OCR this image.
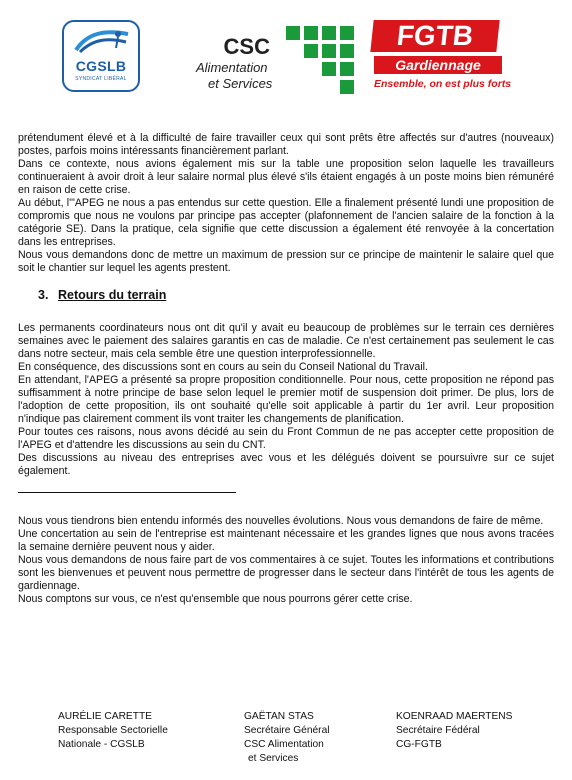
CGSLB
SYNDICAT LIBÉRAL
CSC
Alimentation
et Services
FGTB
Gardiennage
Ensemble, on est plus forts

prétendument élevé et à la difficulté de faire travailler ceux qui sont prêts être affectés sur d'autres (nouveaux) postes, parfois moins intéressants financièrement parlant.

Dans ce contexte, nous avions également mis sur la table une proposition selon laquelle les travailleurs continueraient à avoir droit à leur salaire normal plus élevé s'ils étaient engagés à un poste moins bien rémunéré en raison de cette crise.

Au début, l'"APEG ne nous a pas entendus sur cette question. Elle a finalement présenté lundi une proposition de compromis que nous ne voulons par principe pas accepter (plafonnement de l'ancien salaire de la fonction à la catégorie SE). Dans la pratique, cela signifie que cette discussion a également été renvoyée à la concertation dans les entreprises.

Nous vous demandons donc de mettre un maximum de pression sur ce principe de maintenir le salaire quel que soit le chantier sur lequel les agents prestent.

3. Retours du terrain

Les permanents coordinateurs nous ont dit qu'il y avait eu beaucoup de problèmes sur le terrain ces dernières semaines avec le paiement des salaires garantis en cas de maladie. Ce n'est certainement pas seulement le cas dans notre secteur, mais cela semble être une question interprofessionnelle.

En conséquence, des discussions sont en cours au sein du Conseil National du Travail.

En attendant, l'APEG a présenté sa propre proposition conditionnelle. Pour nous, cette proposition ne répond pas suffisamment à notre principe de base selon lequel le premier motif de suspension doit primer. De plus, lors de l'adoption de cette proposition, ils ont souhaité qu'elle soit applicable à partir du 1er avril. Leur proposition n'indique pas clairement comment ils vont traiter les changements de planification.

Pour toutes ces raisons, nous avons décidé au sein du Front Commun de ne pas accepter cette proposition de l'APEG et d'attendre les discussions au sein du CNT.

Des discussions au niveau des entreprises avec vous et les délégués doivent se poursuivre sur ce sujet également.

Nous vous tiendrons bien entendu informés des nouvelles évolutions. Nous vous demandons de faire de même.

Une concertation au sein de l'entreprise est maintenant nécessaire et les grandes lignes que nous avons tracées la semaine dernière peuvent nous y aider.

Nous vous demandons de nous faire part de vos commentaires à ce sujet. Toutes les informations et contributions sont les bienvenues et peuvent nous permettre de progresser dans le secteur dans l'intérêt de tous les agents de gardiennage.

Nous comptons sur vous, ce n'est qu'ensemble que nous pourrons gérer cette crise.

AURÉLIE CARETTE
Responsable Sectorielle
Nationale - CGSLB
GAËTAN STAS
Secrétaire Général
CSC Alimentation
et Services
KOENRAAD MAERTENS
Secrétaire Fédéral
CG-FGTB
